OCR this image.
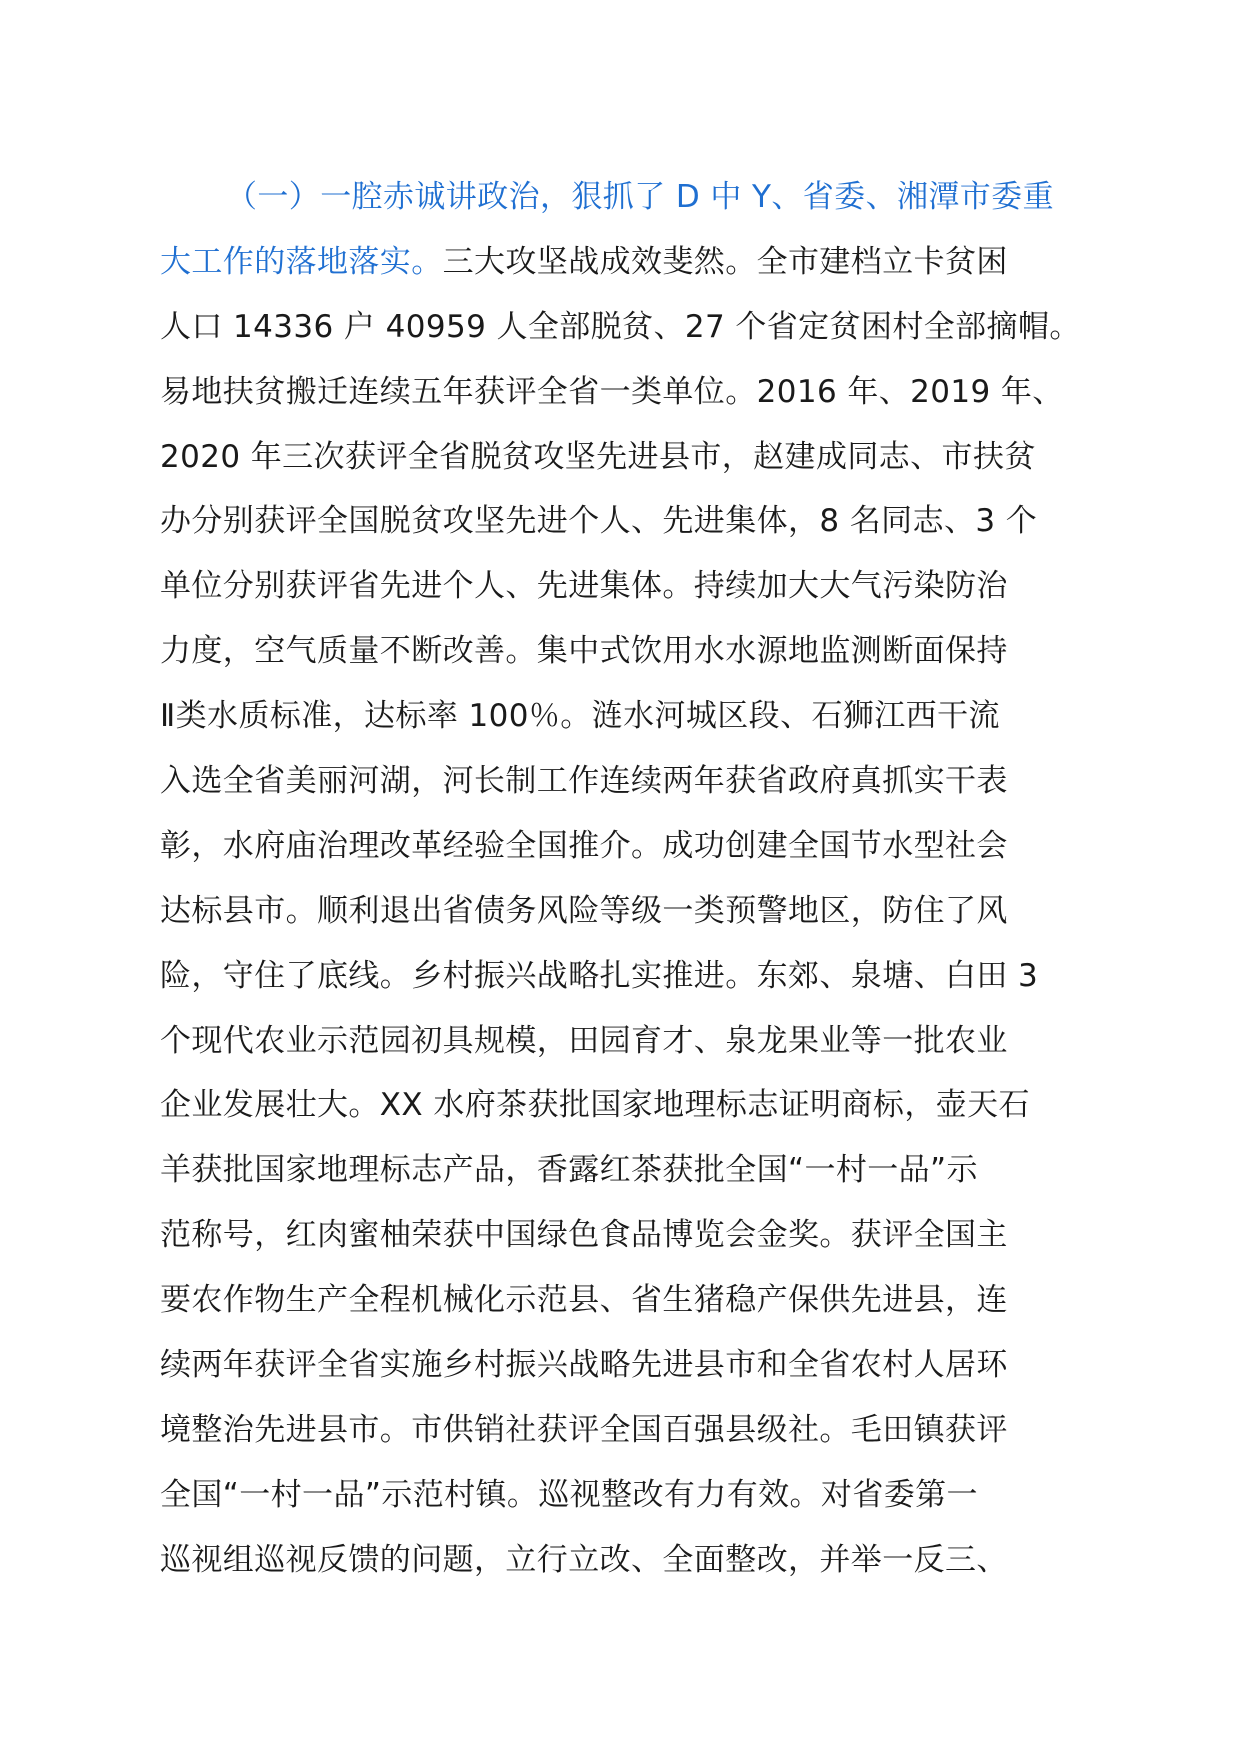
（一）一腔赤诚讲政治，狠抓了 D 中 Y、省委、湘潭市委重
大工作的落地落实。三大攻坚战成效斐然。全市建档立卡贫困
人口 14336 户 40959 人全部脱贫、27 个省定贫困村全部摘帽。
易地扶贫搬迁连续五年获评全省一类单位。2016 年、2019 年、
2020 年三次获评全省脱贫攻坚先进县市，赵建成同志、市扶贫
办分别获评全国脱贫攻坚先进个人、先进集体，8 名同志、3 个
单位分别获评省先进个人、先进集体。持续加大大气污染防治
力度，空气质量不断改善。集中式饮用水水源地监测断面保持
Ⅱ类水质标准，达标率 100％。涟水河城区段、石狮江西干流
入选全省美丽河湖，河长制工作连续两年获省政府真抓实干表
彰，水府庙治理改革经验全国推介。成功创建全国节水型社会
达标县市。顺利退出省债务风险等级一类预警地区，防住了风
险，守住了底线。乡村振兴战略扎实推进。东郊、泉塘、白田 3
个现代农业示范园初具规模，田园育才、泉龙果业等一批农业
企业发展壮大。XX 水府茶获批国家地理标志证明商标，壶天石
羊获批国家地理标志产品，香露红茶获批全国“一村一品”示
范称号，红肉蜜柚荣获中国绿色食品博览会金奖。获评全国主
要农作物生产全程机械化示范县、省生猪稳产保供先进县，连
续两年获评全省实施乡村振兴战略先进县市和全省农村人居环
境整治先进县市。市供销社获评全国百强县级社。毛田镇获评
全国“一村一品”示范村镇。巡视整改有力有效。对省委第一
巡视组巡视反馈的问题，立行立改、全面整改，并举一反三、
